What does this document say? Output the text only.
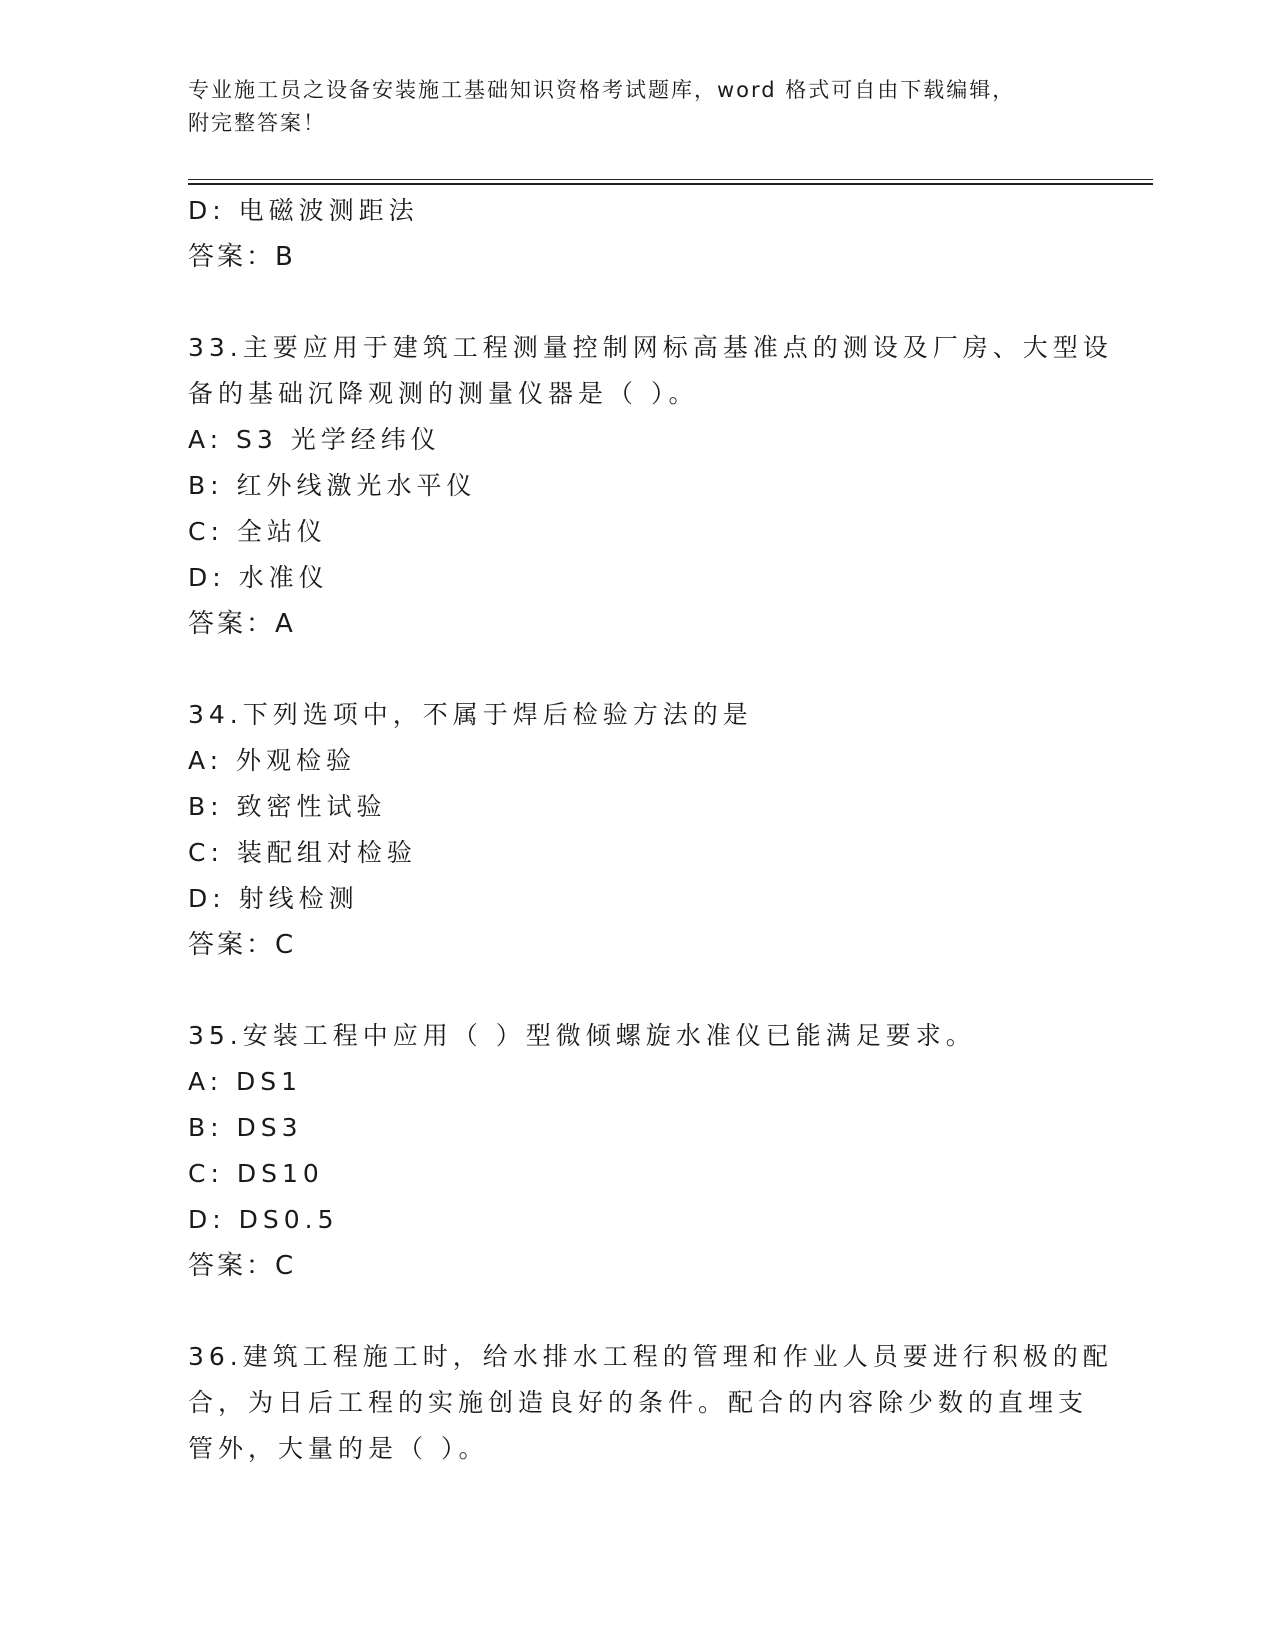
专业施工员之设备安装施工基础知识资格考试题库，word 格式可自由下载编辑，
附完整答案！
D: 电磁波测距法
答案：B
33.主要应用于建筑工程测量控制网标高基准点的测设及厂房、大型设
备的基础沉降观测的测量仪器是（ ）。
A: S3 光学经纬仪
B: 红外线激光水平仪
C: 全站仪
D: 水准仪
答案：A
34.下列选项中，不属于焊后检验方法的是
A: 外观检验
B: 致密性试验
C: 装配组对检验
D: 射线检测
答案：C
35.安装工程中应用（ ）型微倾螺旋水准仪已能满足要求。
A: DS1
B: DS3
C: DS10
D: DS0.5
答案：C
36.建筑工程施工时，给水排水工程的管理和作业人员要进行积极的配
合，为日后工程的实施创造良好的条件。配合的内容除少数的直埋支
管外，大量的是（ ）。
